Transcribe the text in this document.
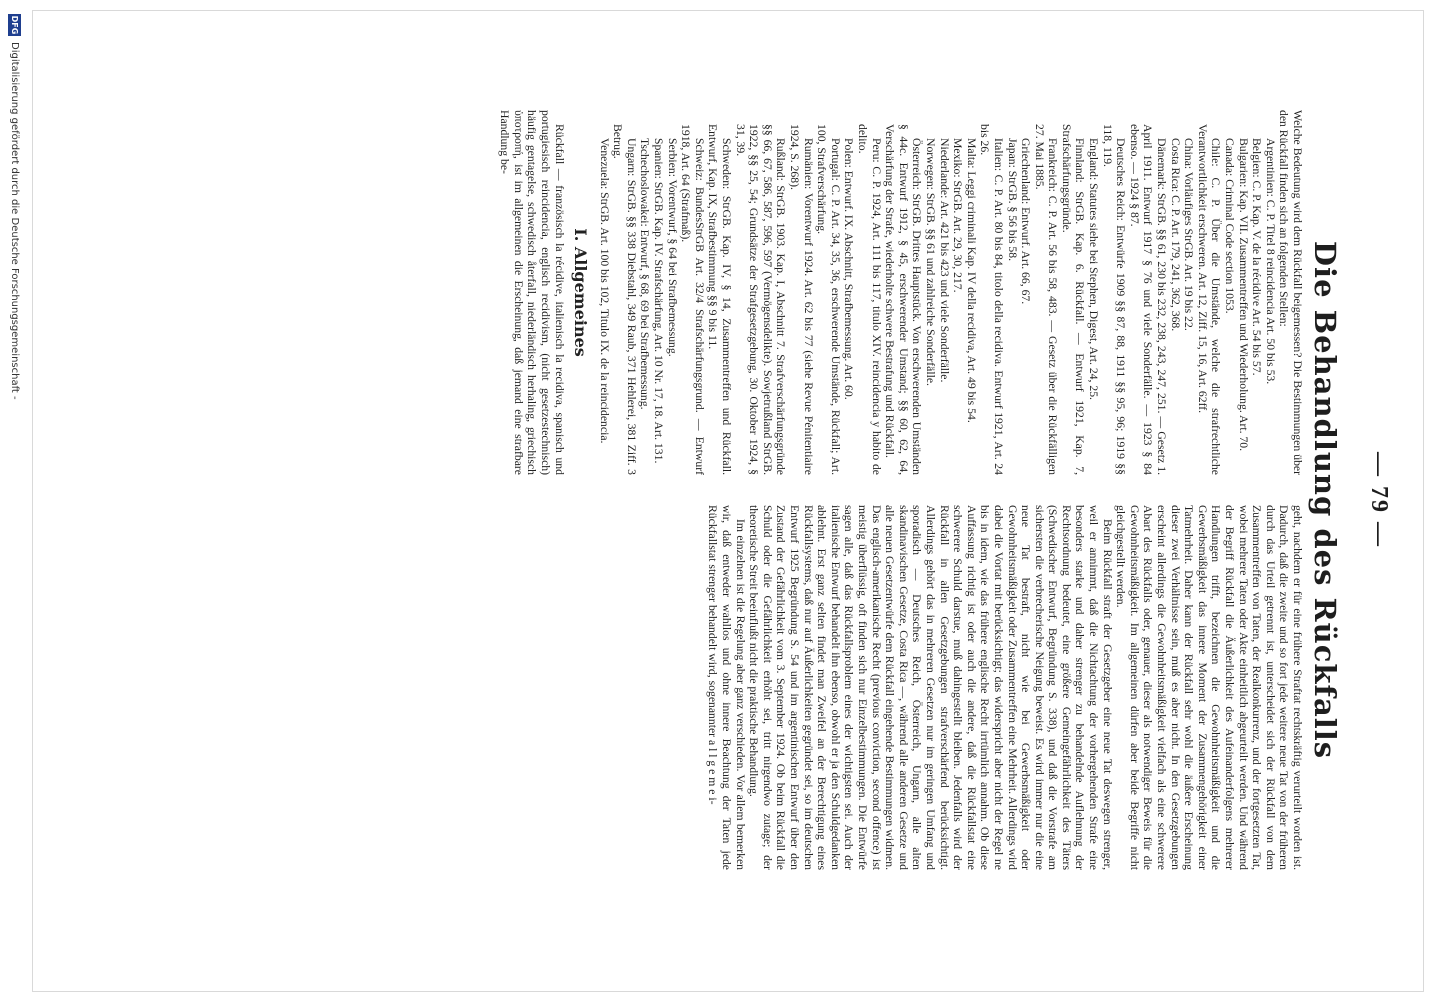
— 79 —
Die Behandlung des Rückfalls

Welche Bedeutung wird dem Rückfall beigemessen? Die Bestimmungen über den Rückfall finden sich an folgenden Stellen:

Argentinien: C. P. Titel 8 reincidencia Art. 50 bis 53.

Belgien: C. P. Kap. V. de la récidive Art. 54 bis 57.

Bulgarien: Kap. VII. Zusammentreffen und Wiederholung. Art. 70.

Canada: Criminal Code section 1053.

Chile: C. P. Über die Umstände, welche die strafrechtliche Verantwortlichkeit erschweren. Art. 12, Ziff. 15, 16, Art. 62ff.

China: Vorläufiges StrGB. Art. 19 bis 22.

Costa Rica: C. P. Art. 179, 241, 362, 368.

Dänemark: StrGB. §§ 61, 230 bis 232, 238, 243, 247, 251. — Gesetz 1. April 1911. Entwurf 1917 § 76 und viele Sonderfälle. — 1923 § 84 ebenso. — 1924 § 87.

Deutsches Reich: Entwürfe 1909 §§ 87, 88, 1911 §§ 95, 96; 1919 §§ 118, 119.

England: Statutes siehe bei Stephen, Digest, Art. 24, 25.

Finnland: StrGB. Kap. 6. Rückfall. — Entwurf 1921, Kap. 7, Strafschärfungsgründe.

Frankreich: C. P. Art. 56 bis 58, 483. — Gesetz über die Rückfälligen 27. Mai 1885.

Griechenland: Entwurf. Art. 66, 67.

Japan: StrGB. § 56 bis 58.

Italien: C. P. Art. 80 bis 84, titolo della recidiva. Entwurf 1921, Art. 24 bis 26.

Malta: Leggi criminali Kap. IV della recidiva, Art. 49 bis 54.

Mexiko: StrGB. Art. 29, 30, 217.

Niederlande: Art. 421 bis 423 und viele Sonderfälle.

Norwegen: StrGB. §§ 61 und zahlreiche Sonderfälle.

Österreich: StrGB. Drittes Hauptstück. Von erschwerenden Umständen § 44c. Entwurf 1912, § 45, erschwerender Umstand; §§ 60, 62, 64, Verschärfung der Strafe, wiederholte schwere Bestrafung und Rückfall.

Peru: C. P. 1924, Art. 111 bis 117, titulo XIV. reincidencia y habito de delito.

Polen: Entwurf. IX. Abschnitt, Strafbemessung. Art. 60.

Portugal: C. P. Art. 34, 35, 36, erschwerende Umstände, Rückfall; Art. 100, Strafverschärfung.

Rumänien: Vorentwurf 1924. Art. 62 bis 77 (siehe Revue Pénitentiaire 1924, S. 268).

Rußland: StrGB. 1903. Kap. I, Abschnitt 7. Strafverschärfungsgründe §§ 66, 67, 586, 587, 596, 597 (Vermögensdelikte). Sowjetrußland StrGB. 1922, §§ 25, 54; Grundsätze der Strafgesetzgebung, 30. Oktober 1924, § 31, 39.

Schweden: StrGB. Kap. IV, § 14, Zusammentreffen und Rückfall. Entwurf, Kap. IX, Strafbestimmung §§ 9 bis 11.

Schweiz: BundesStrGB Art. 32/4 Strafschärfungsgrund. — Entwurf 1918, Art. 64 (Strafmaß).

Serbien: Vorentwurf, § 64 bei Strafbemessung.

Spanien: StrGB. Kap. IV. Strafschärfung, Art. 10 Nr. 17, 18. Art. 131.

Tschechoslowakei: Entwurf, § 68, 69 bei Strafbemessung.

Ungarn: StrGB. §§ 338 Diebstahl, 349 Raub, 371 Hehlerei, 381 Ziff. 3 Betrug.

Venezuela: StrGB. Art. 100 bis 102, Titulo IX. de la reincidencia.

I. Allgemeines

Rückfall — französisch la récidive, italienisch la recidiva, spanisch und portugiesisch reincidencia, englisch recidivism, (nicht gesetzestechnisch) häufig gentagelse, schwedisch återfall, niederländisch herhaling, griechisch ὑποτροπή, ist im allgemeinen die Erscheinung, daß jemand eine strafbare Handlung be-

geht, nachdem er für eine frühere Straftat rechtskräftig verurteilt worden ist. Dadurch, daß die zweite und so fort jede weitere neue Tat von der früheren durch das Urteil getrennt ist, unterscheidet sich der Rückfall von dem Zusammentreffen von Taten, der Realkonkurrenz, und der fortgesetzten Tat, wobei mehrere Taten oder Akte einheitlich abgeurteilt werden. Und während der Begriff Rückfall die Äußerlichkeit des Aufeinanderfolgens mehrerer Handlungen trifft, bezeichnen die Gewohnheitsmäßigkeit und die Gewerbsmäßigkeit das innere Moment der Zusammengehörigkeit einer Tatmehrheit. Daher kann der Rückfall sehr wohl die äußere Erscheinung dieser zwei Verhältnisse sein, muß es aber nicht. In den Gesetzgebungen erscheint allerdings die Gewohnheitsmäßigkeit vielfach als eine schwerere Abart des Rückfalls oder, genauer, dieser als notwendiger Beweis für die Gewohnheitsmäßigkeit. Im allgemeinen dürfen aber beide Begriffe nicht gleichgestellt werden.

Beim Rückfall straft der Gesetzgeber eine neue Tat deswegen strenger, weil er annimmt, daß die Nichtachtung der vorhergehenden Strafe eine besonders starke und daher strenger zu behandelnde Auflehnung der Rechtsordnung bedeutet, eine größere Gemeingefährlichkeit des Täters (Schwedischer Entwurf, Begründung S. 338), und daß die Vorstrafe am sichersten die verbrecherische Neigung beweist. Es wird immer nur die eine neue Tat bestraft, nicht wie bei Gewerbsmäßigkeit oder Gewohnheitsmäßigkeit oder Zusammentreffen eine Mehrheit. Allerdings wird dabei die Vortat mit berücksichtigt; das widerspricht aber nicht der Regel ne bis in idem, wie das frühere englische Recht irrtümlich annahm. Ob diese Auffassung richtig ist oder auch die andere, daß die Rückfallstat eine schwerere Schuld darstue, muß dahingestellt bleiben. Jedenfalls wird der Rückfall in allen Gesetzgebungen strafverschärfend berücksichtigt. Allerdings gehört das in mehreren Gesetzen nur im geringen Umfang und sporadisch — Deutsches Reich, Österreich, Ungarn, alle alten skandinavischen Gesetze, Costa Rica —, während alle anderen Gesetze und alle neuen Gesetzentwürfe dem Rückfall eingehende Bestimmungen widmen. Das englisch-amerikanische Recht (previous conviction, second offence) ist meistig überflüssig, oft finden sich nur Einzelbestimmungen. Die Entwürfe sagen alle, daß das Rückfallsproblem eines der wichtigsten sei. Auch der italienische Entwurf behandelt ihn ebenso, obwohl er ja den Schuldgedanken ablehnt. Erst ganz selten findet man Zweifel an der Berechtigung eines Rückfallsystems, daß nur auf Äußerlichkeiten gegründet sei, so im deutschen Entwurf 1925 Begründung S. 54 und im argentinischen Entwurf über den Zustand der Gefährlichkeit vom 3. September 1924. Ob beim Rückfall die Schuld oder die Gefährlichkeit erhöht sei, tritt nirgendwo zutage; der theoretische Streit beeinflußt nicht die praktische Behandlung.

Im einzelnen ist die Regelung aber ganz verschieden. Vor allem bemerken wir, daß entweder wahllos und ohne innere Beachtung der Taten jede Rückfallstat strenger behandelt wird, sogenannter a l l g e m e i-

DFG
Digitalisierung gefördert durch die Deutsche Forschungsgemeinschaft -
